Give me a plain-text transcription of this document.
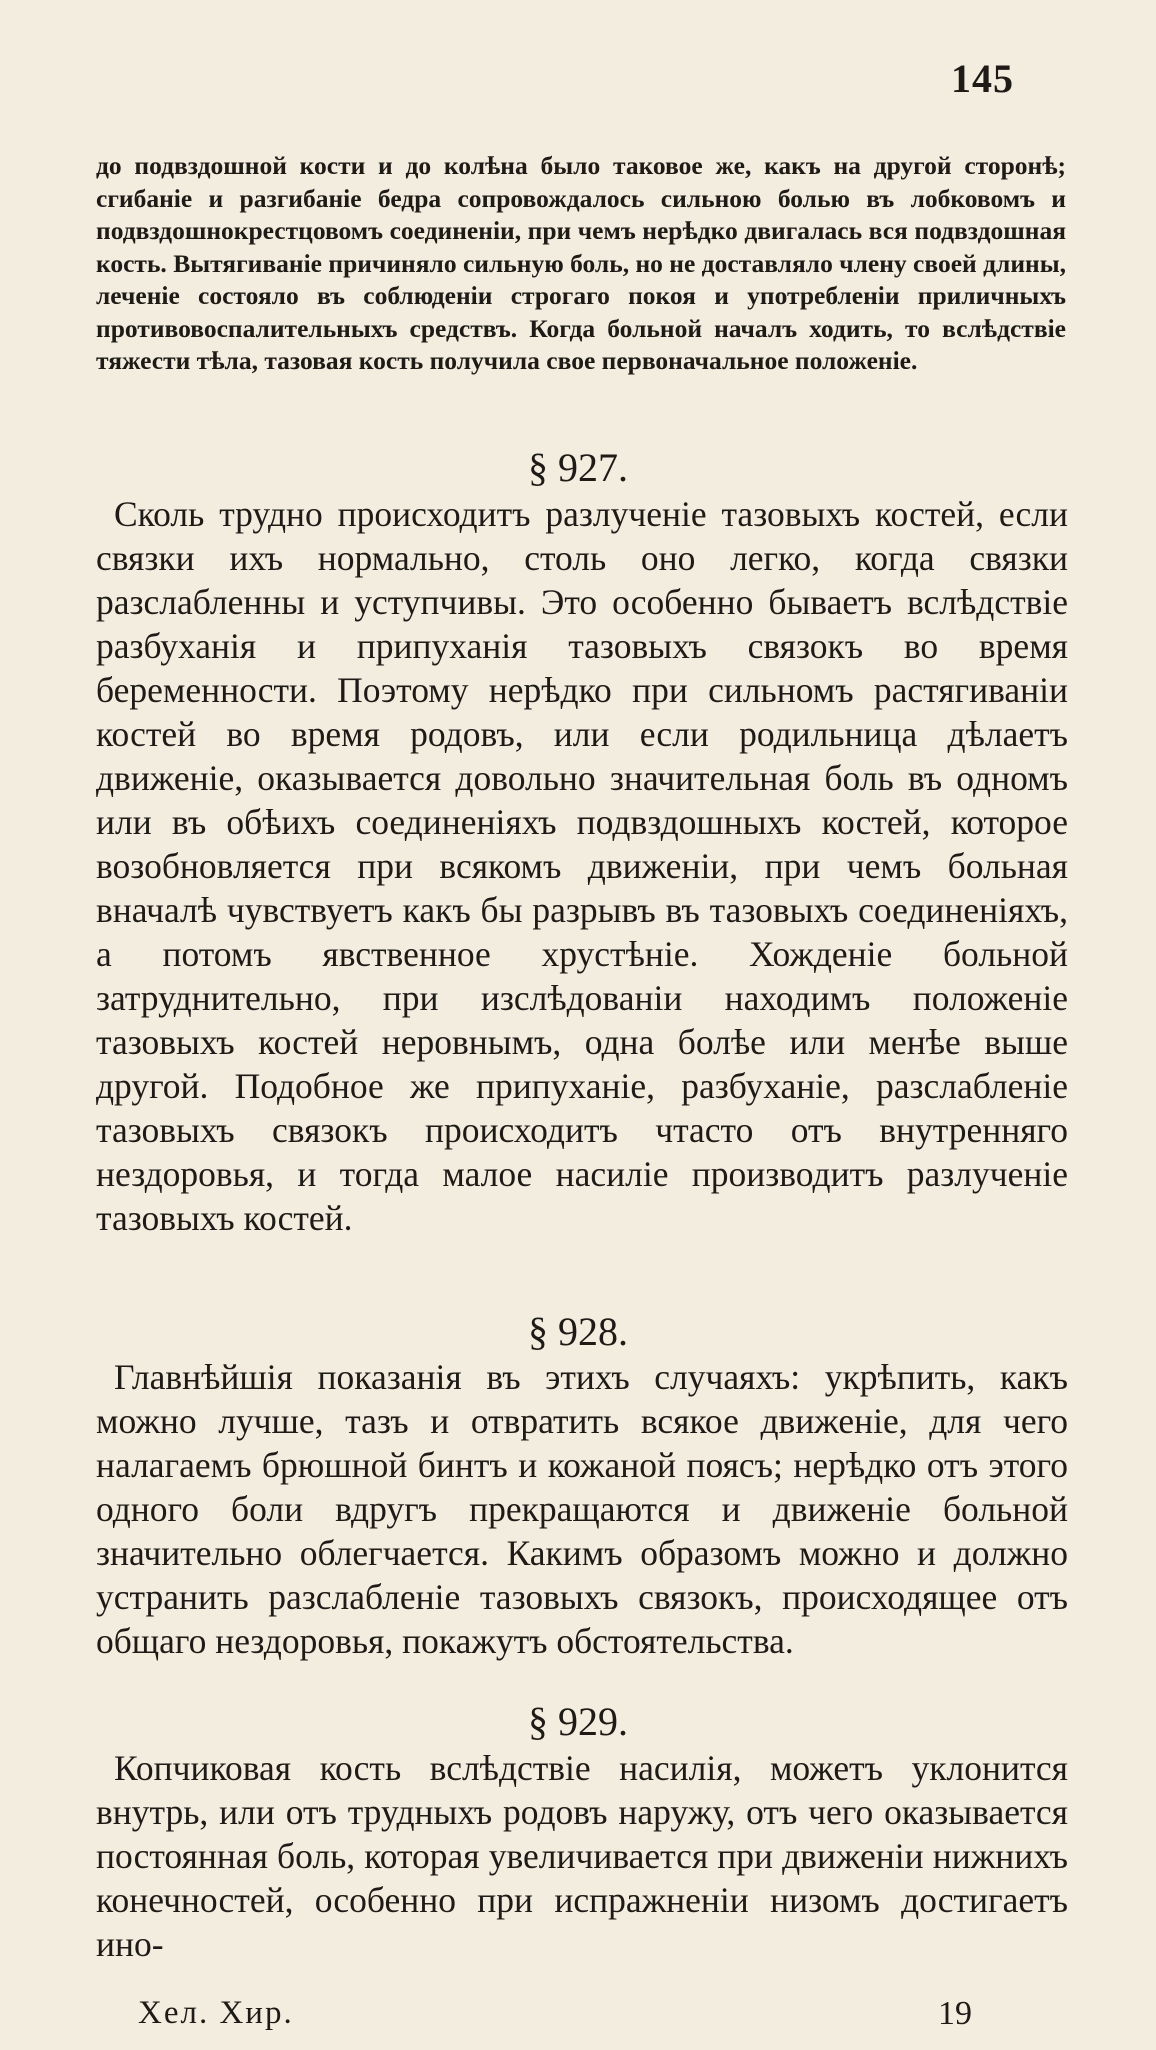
145
до подвздошной кости и до колѣна было таковое же, какъ на другой сторонѣ; сгибаніе и разгибаніе бедра сопровождалось сильною болью въ лобковомъ и подвздошнокрестцовомъ соединеніи, при чемъ нерѣдко двигалась вся подвздошная кость. Вытягиваніе причиняло сильную боль, но не доставляло члену своей длины, леченіе состояло въ соблюденіи строгаго покоя и употребленіи приличныхъ противовоспалительныхъ средствъ. Когда больной началъ ходить, то вслѣдствіе тяжести тѣла, тазовая кость получила свое первоначальное положеніе.
§ 927.
Сколь трудно происходитъ разлученіе тазовыхъ костей, если связки ихъ нормально, столь оно легко, когда связки разслабленны и уступчивы. Это особенно бываетъ вслѣдствіе разбуханія и припуханія тазовыхъ связокъ во время беременности. Поэтому нерѣдко при сильномъ растягиваніи костей во время родовъ, или если родильница дѣлаетъ движеніе, оказывается довольно значительная боль въ одномъ или въ обѣихъ соединеніяхъ подвздошныхъ костей, которое возобновляется при всякомъ движеніи, при чемъ больная вначалѣ чувствуетъ какъ бы разрывъ въ тазовыхъ соединеніяхъ, а потомъ явственное хрустѣніе. Хожденіе больной затруднительно, при изслѣдованіи находимъ положеніе тазовыхъ костей неровнымъ, одна болѣе или менѣе выше другой. Подобное же припуханіе, разбуханіе, разслабленіе тазовыхъ связокъ происходитъ чтасто отъ внутренняго нездоровья, и тогда малое насиліе производитъ разлученіе тазовыхъ костей.
§ 928.
Главнѣйшія показанія въ этихъ случаяхъ: укрѣпить, какъ можно лучше, тазъ и отвратить всякое движеніе, для чего налагаемъ брюшной бинтъ и кожаной поясъ; нерѣдко отъ этого одного боли вдругъ прекращаются и движеніе больной значительно облегчается. Какимъ образомъ можно и должно устранить разслабленіе тазовыхъ связокъ, происходящее отъ общаго нездоровья, покажутъ обстоятельства.
§ 929.
Копчиковая кость вслѣдствіе насилія, можетъ уклонится внутрь, или отъ трудныхъ родовъ наружу, отъ чего оказывается постоянная боль, которая увеличивается при движеніи нижнихъ конечностей, особенно при испражненіи низомъ достигаетъ ино-
Хел. Хир.	19
